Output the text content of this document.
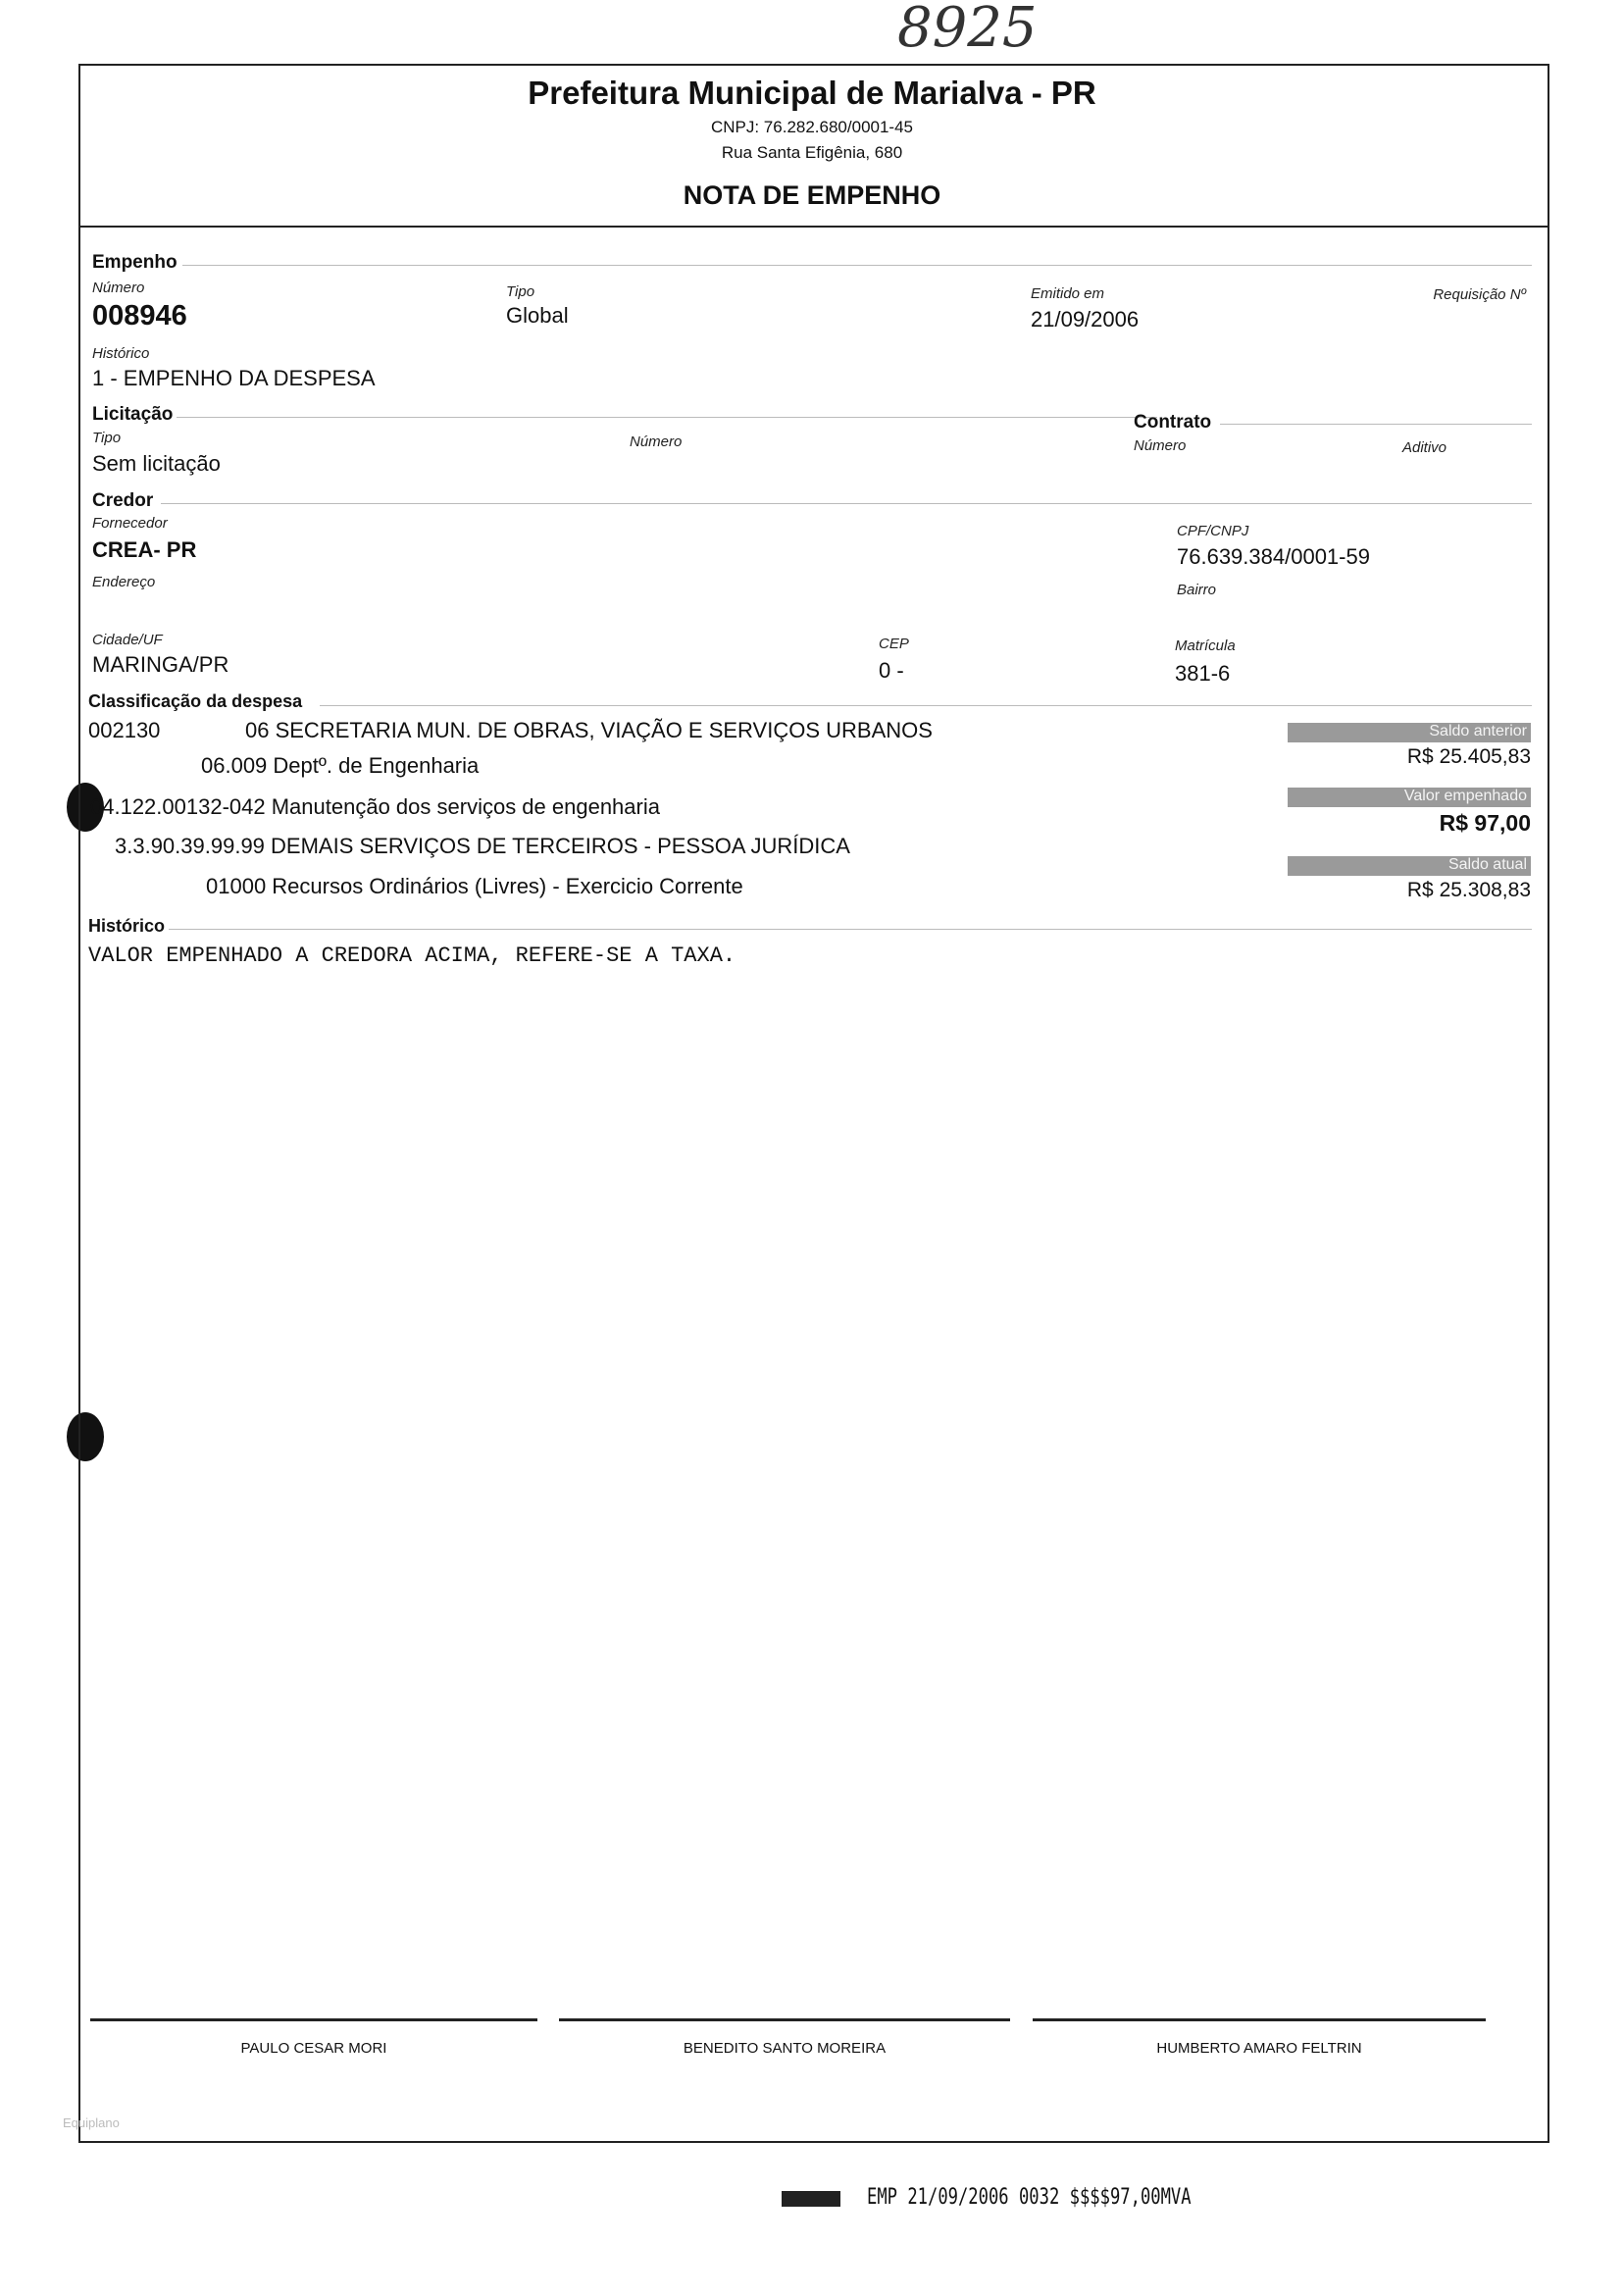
8925
Prefeitura Municipal de Marialva - PR
CNPJ: 76.282.680/0001-45
Rua Santa Efigênia, 680
NOTA DE EMPENHO
Empenho
Número
008946
Tipo
Global
Emitido em
21/09/2006
Requisição Nº
Histórico
1 - EMPENHO DA DESPESA
Licitação
Tipo
Sem licitação
Número
Contrato
Número	Aditivo
Credor
Fornecedor
CREA- PR
CPF/CNPJ
76.639.384/0001-59
Endereço	Bairro
Cidade/UF
MARINGA/PR
CEP
0 -
Matrícula
381-6
Classificação da despesa
002130	06 SECRETARIA MUN. DE OBRAS, VIAÇÃO E SERVIÇOS URBANOS
06.009 Deptº. de Engenharia
04.122.00132-042 Manutenção dos serviços de engenharia
3.3.90.39.99.99 DEMAIS SERVIÇOS DE TERCEIROS - PESSOA JURÍDICA
01000 Recursos Ordinários (Livres) - Exercicio Corrente
Saldo anterior
R$ 25.405,83
Valor empenhado
R$ 97,00
Saldo atual
R$ 25.308,83
Histórico
VALOR EMPENHADO A CREDORA ACIMA, REFERE-SE A TAXA.
PAULO CESAR MORI	BENEDITO SANTO MOREIRA	HUMBERTO AMARO FELTRIN
Equiplano
EMP 21/09/2006 0032 $$$$97,00MVA
